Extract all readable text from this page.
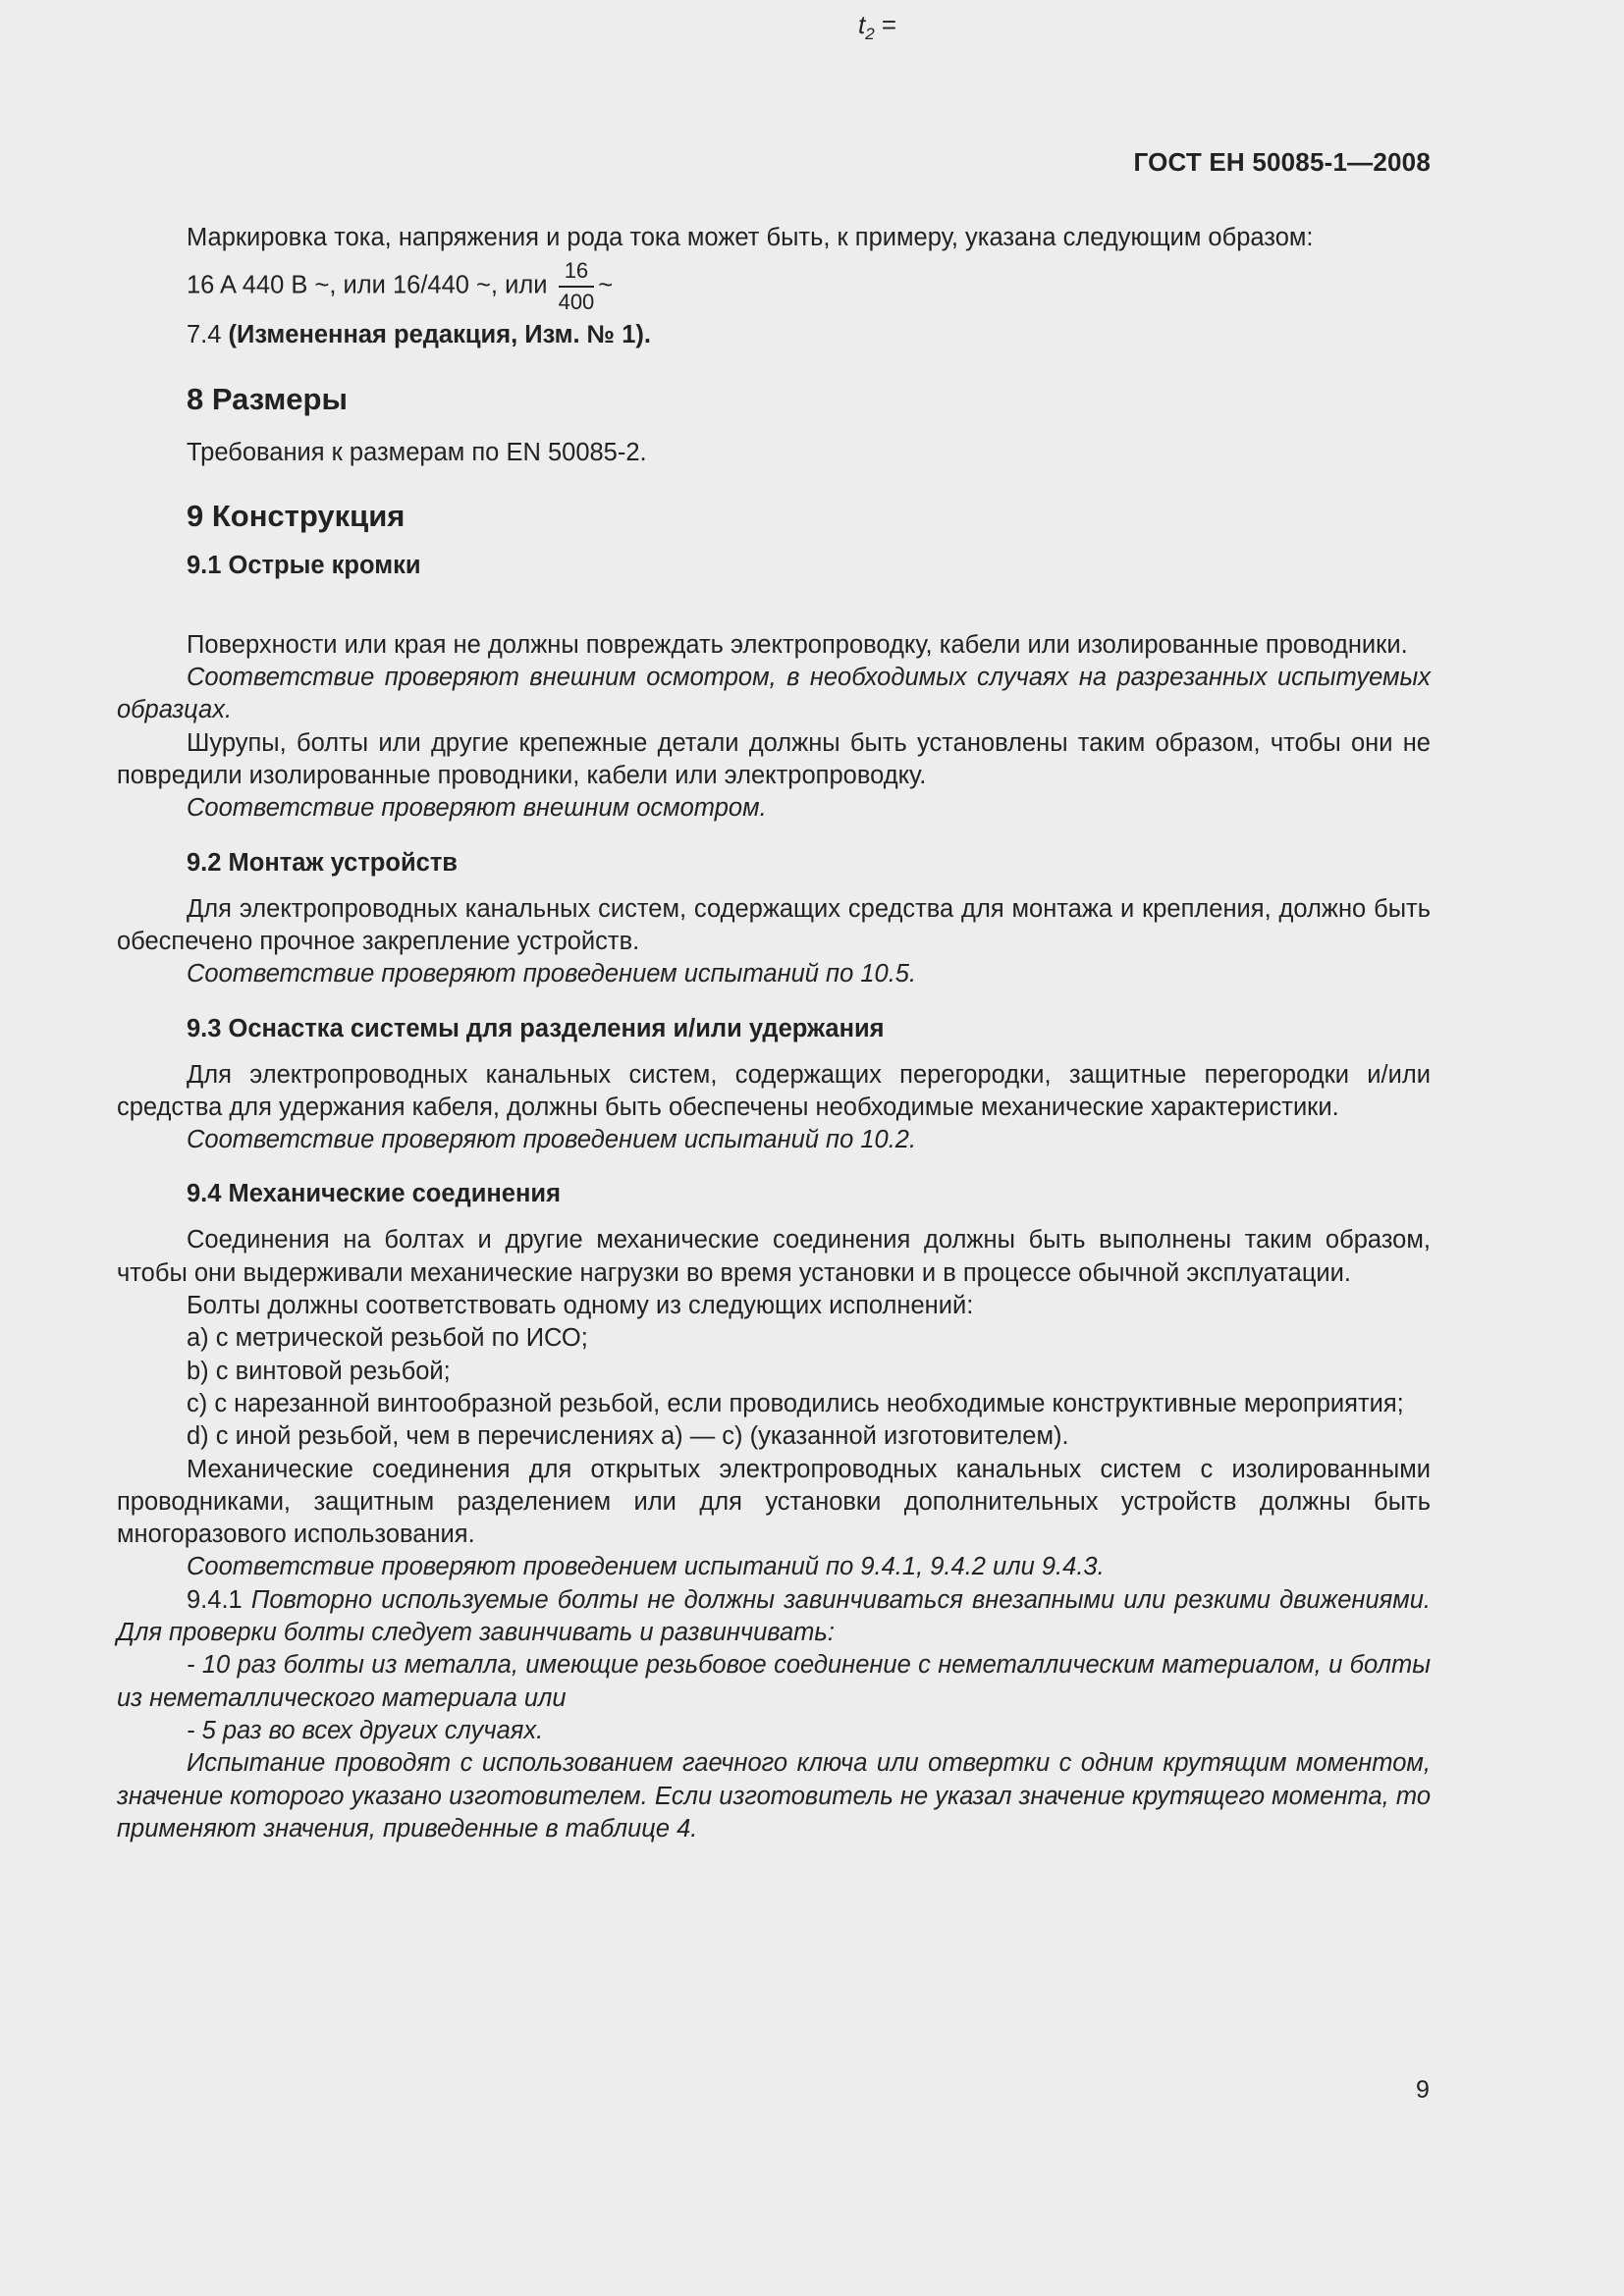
$t_2$ =
ГОСТ ЕН 50085-1—2008

Маркировка тока, напряжения и рода тока может быть, к примеру, указана следующим образом:

16 A 440 В ~, или 16/440 ~, или $\frac{16}{400}$ ~

7.4 (Измененная редакция, Изм. № 1).

8 Размеры

Требования к размерам по EN 50085-2.

9 Конструкция
9.1 Острые кромки

Поверхности или края не должны повреждать электропроводку, кабели или изолированные проводники.

Соответствие проверяют внешним осмотром, в необходимых случаях на разрезанных испытуемых образцах.

Шурупы, болты или другие крепежные детали должны быть установлены таким образом, чтобы они не повредили изолированные проводники, кабели или электропроводку.

Соответствие проверяют внешним осмотром.

9.2 Монтаж устройств

Для электропроводных канальных систем, содержащих средства для монтажа и крепления, должно быть обеспечено прочное закрепление устройств.

Соответствие проверяют проведением испытаний по 10.5.

9.3 Оснастка системы для разделения и/или удержания

Для электропроводных канальных систем, содержащих перегородки, защитные перегородки и/или средства для удержания кабеля, должны быть обеспечены необходимые механические характеристики.

Соответствие проверяют проведением испытаний по 10.2.

9.4 Механические соединения

Соединения на болтах и другие механические соединения должны быть выполнены таким образом, чтобы они выдерживали механические нагрузки во время установки и в процессе обычной эксплуатации.

Болты должны соответствовать одному из следующих исполнений:

а) с метрической резьбой по ИСО;

b) с винтовой резьбой;

с) с нарезанной винтообразной резьбой, если проводились необходимые конструктивные мероприятия;

d) с иной резьбой, чем в перечислениях а) — с) (указанной изготовителем).

Механические соединения для открытых электропроводных канальных систем с изолированными проводниками, защитным разделением или для установки дополнительных устройств должны быть многоразового использования.

Соответствие проверяют проведением испытаний по 9.4.1, 9.4.2 или 9.4.3.

9.4.1 Повторно используемые болты не должны завинчиваться внезапными или резкими движениями. Для проверки болты следует завинчивать и развинчивать:

- 10 раз болты из металла, имеющие резьбовое соединение с неметаллическим материалом, и болты из неметаллического материала или

- 5 раз во всех других случаях.

Испытание проводят с использованием гаечного ключа или отвертки с одним крутящим моментом, значение которого указано изготовителем. Если изготовитель не указал значение крутящего момента, то применяют значения, приведенные в таблице 4.

9
